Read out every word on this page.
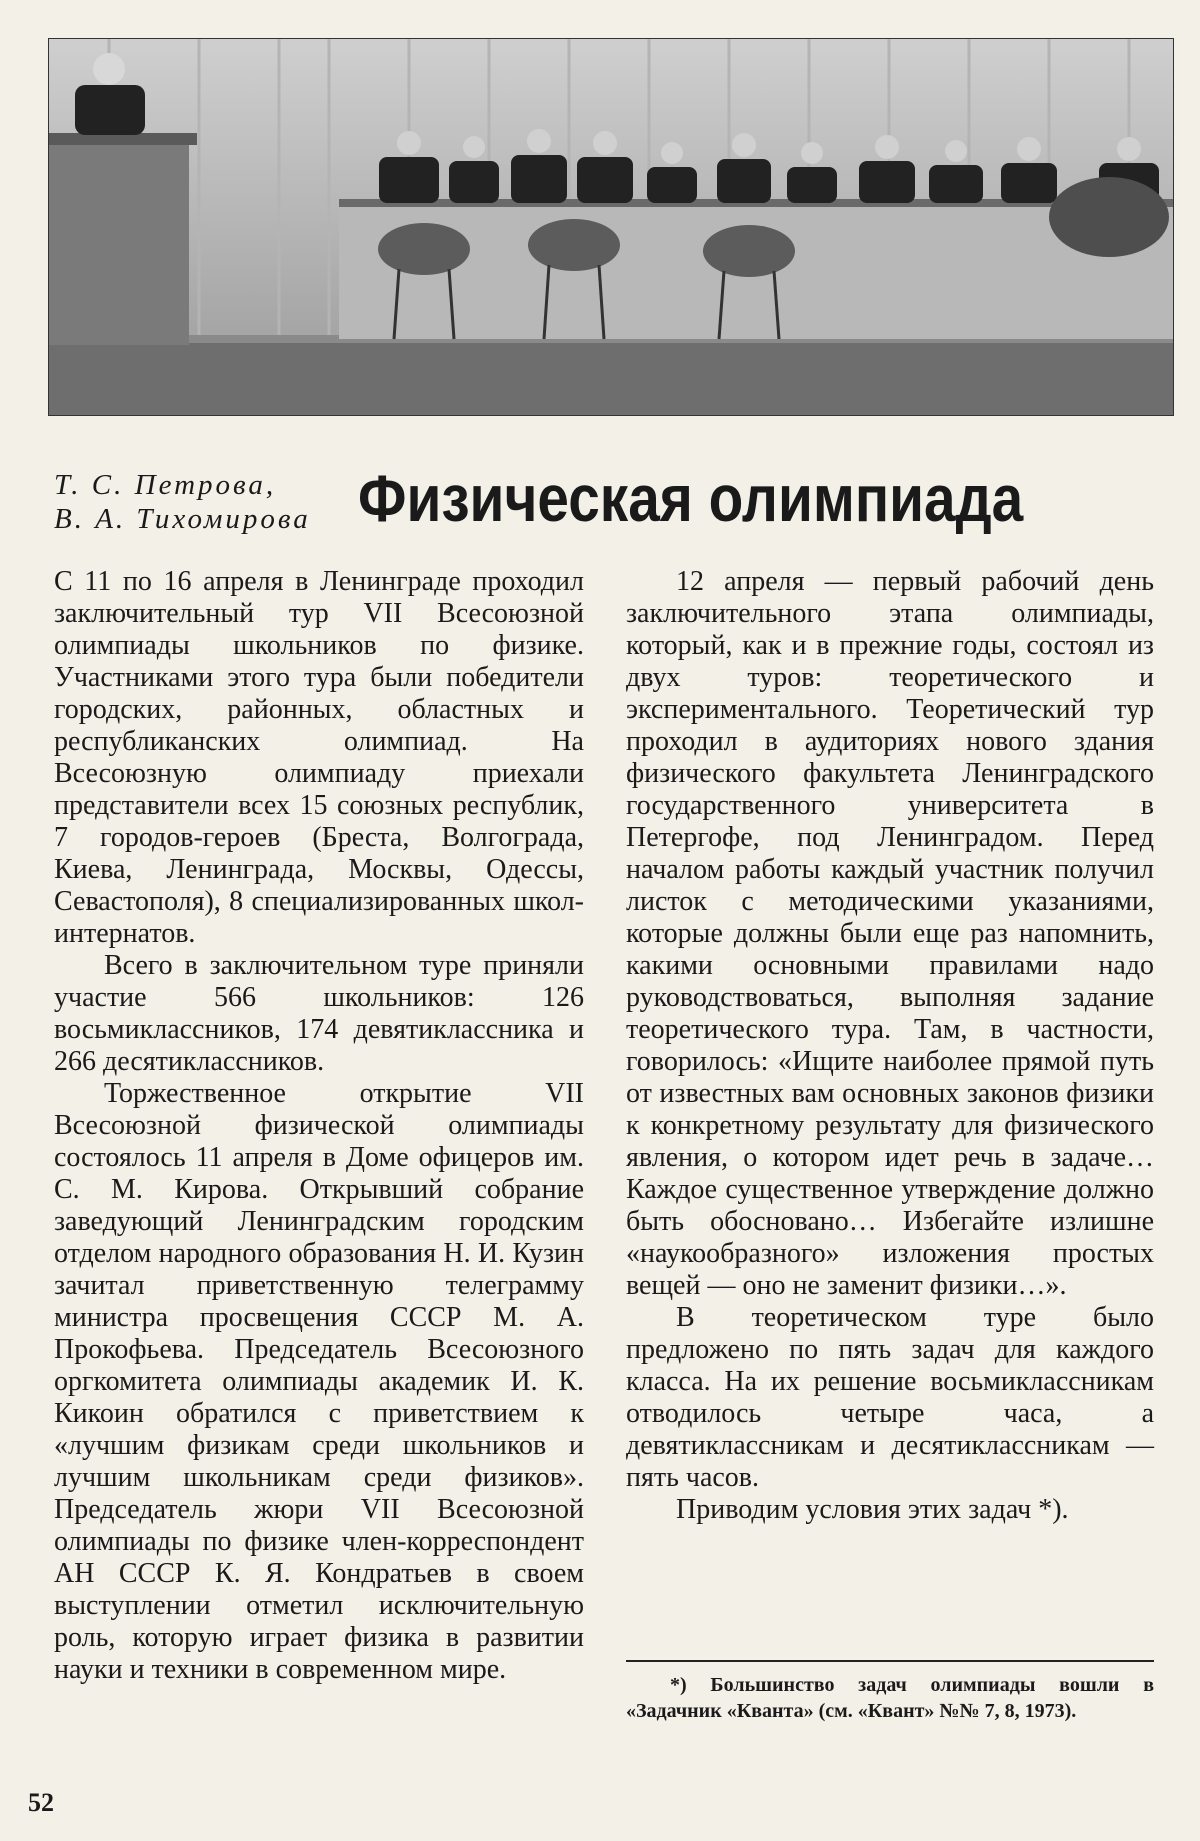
Т. С. Петрова,
В. А. Тихомирова Физическая олимпиада

С 11 по 16 апреля в Ленинграде проходил заключительный тур VII Всесоюзной олимпиады школьников по физике. Участниками этого тура были победители городских, районных, областных и республиканских олимпиад. На Всесоюзную олимпиаду приехали представители всех 15 союзных республик, 7 городов-героев (Бреста, Волгограда, Киева, Ленинграда, Москвы, Одессы, Севастополя), 8 специализированных школ-интернатов.

Всего в заключительном туре приняли участие 566 школьников: 126 восьмиклассников, 174 девятиклассника и 266 десятиклассников.

Торжественное открытие VII Всесоюзной физической олимпиады состоялось 11 апреля в Доме офицеров им. С. М. Кирова. Открывший собрание заведующий Ленинградским городским отделом народного образования Н. И. Кузин зачитал приветственную телеграмму министра просвещения СССР М. А. Прокофьева. Председатель Всесоюзного оргкомитета олимпиады академик И. К. Кикоин обратился с приветствием к «лучшим физикам среди школьников и лучшим школьникам среди физиков». Председатель жюри VII Всесоюзной олимпиады по физике член-корреспондент АН СССР К. Я. Кондратьев в своем выступлении отметил исключительную роль, которую играет физика в развитии науки и техники в современном мире.

12 апреля — первый рабочий день заключительного этапа олимпиады, который, как и в прежние годы, состоял из двух туров: теоретического и экспериментального. Теоретический тур проходил в аудиториях нового здания физического факультета Ленинградского государственного университета в Петергофе, под Ленинградом. Перед началом работы каждый участник получил листок с методическими указаниями, которые должны были еще раз напомнить, какими основными правилами надо руководствоваться, выполняя задание теоретического тура. Там, в частности, говорилось: «Ищите наиболее прямой путь от известных вам основных законов физики к конкретному результату для физического явления, о котором идет речь в задаче… Каждое существенное утверждение должно быть обосновано… Избегайте излишне «наукообразного» изложения простых вещей — оно не заменит физики…».

В теоретическом туре было предложено по пять задач для каждого класса. На их решение восьмиклассникам отводилось четыре часа, а девятиклассникам и десятиклассникам — пять часов.

Приводим условия этих задач *).

*) Большинство задач олимпиады вошли в «Задачник «Кванта» (см. «Квант» №№ 7, 8, 1973).

52
